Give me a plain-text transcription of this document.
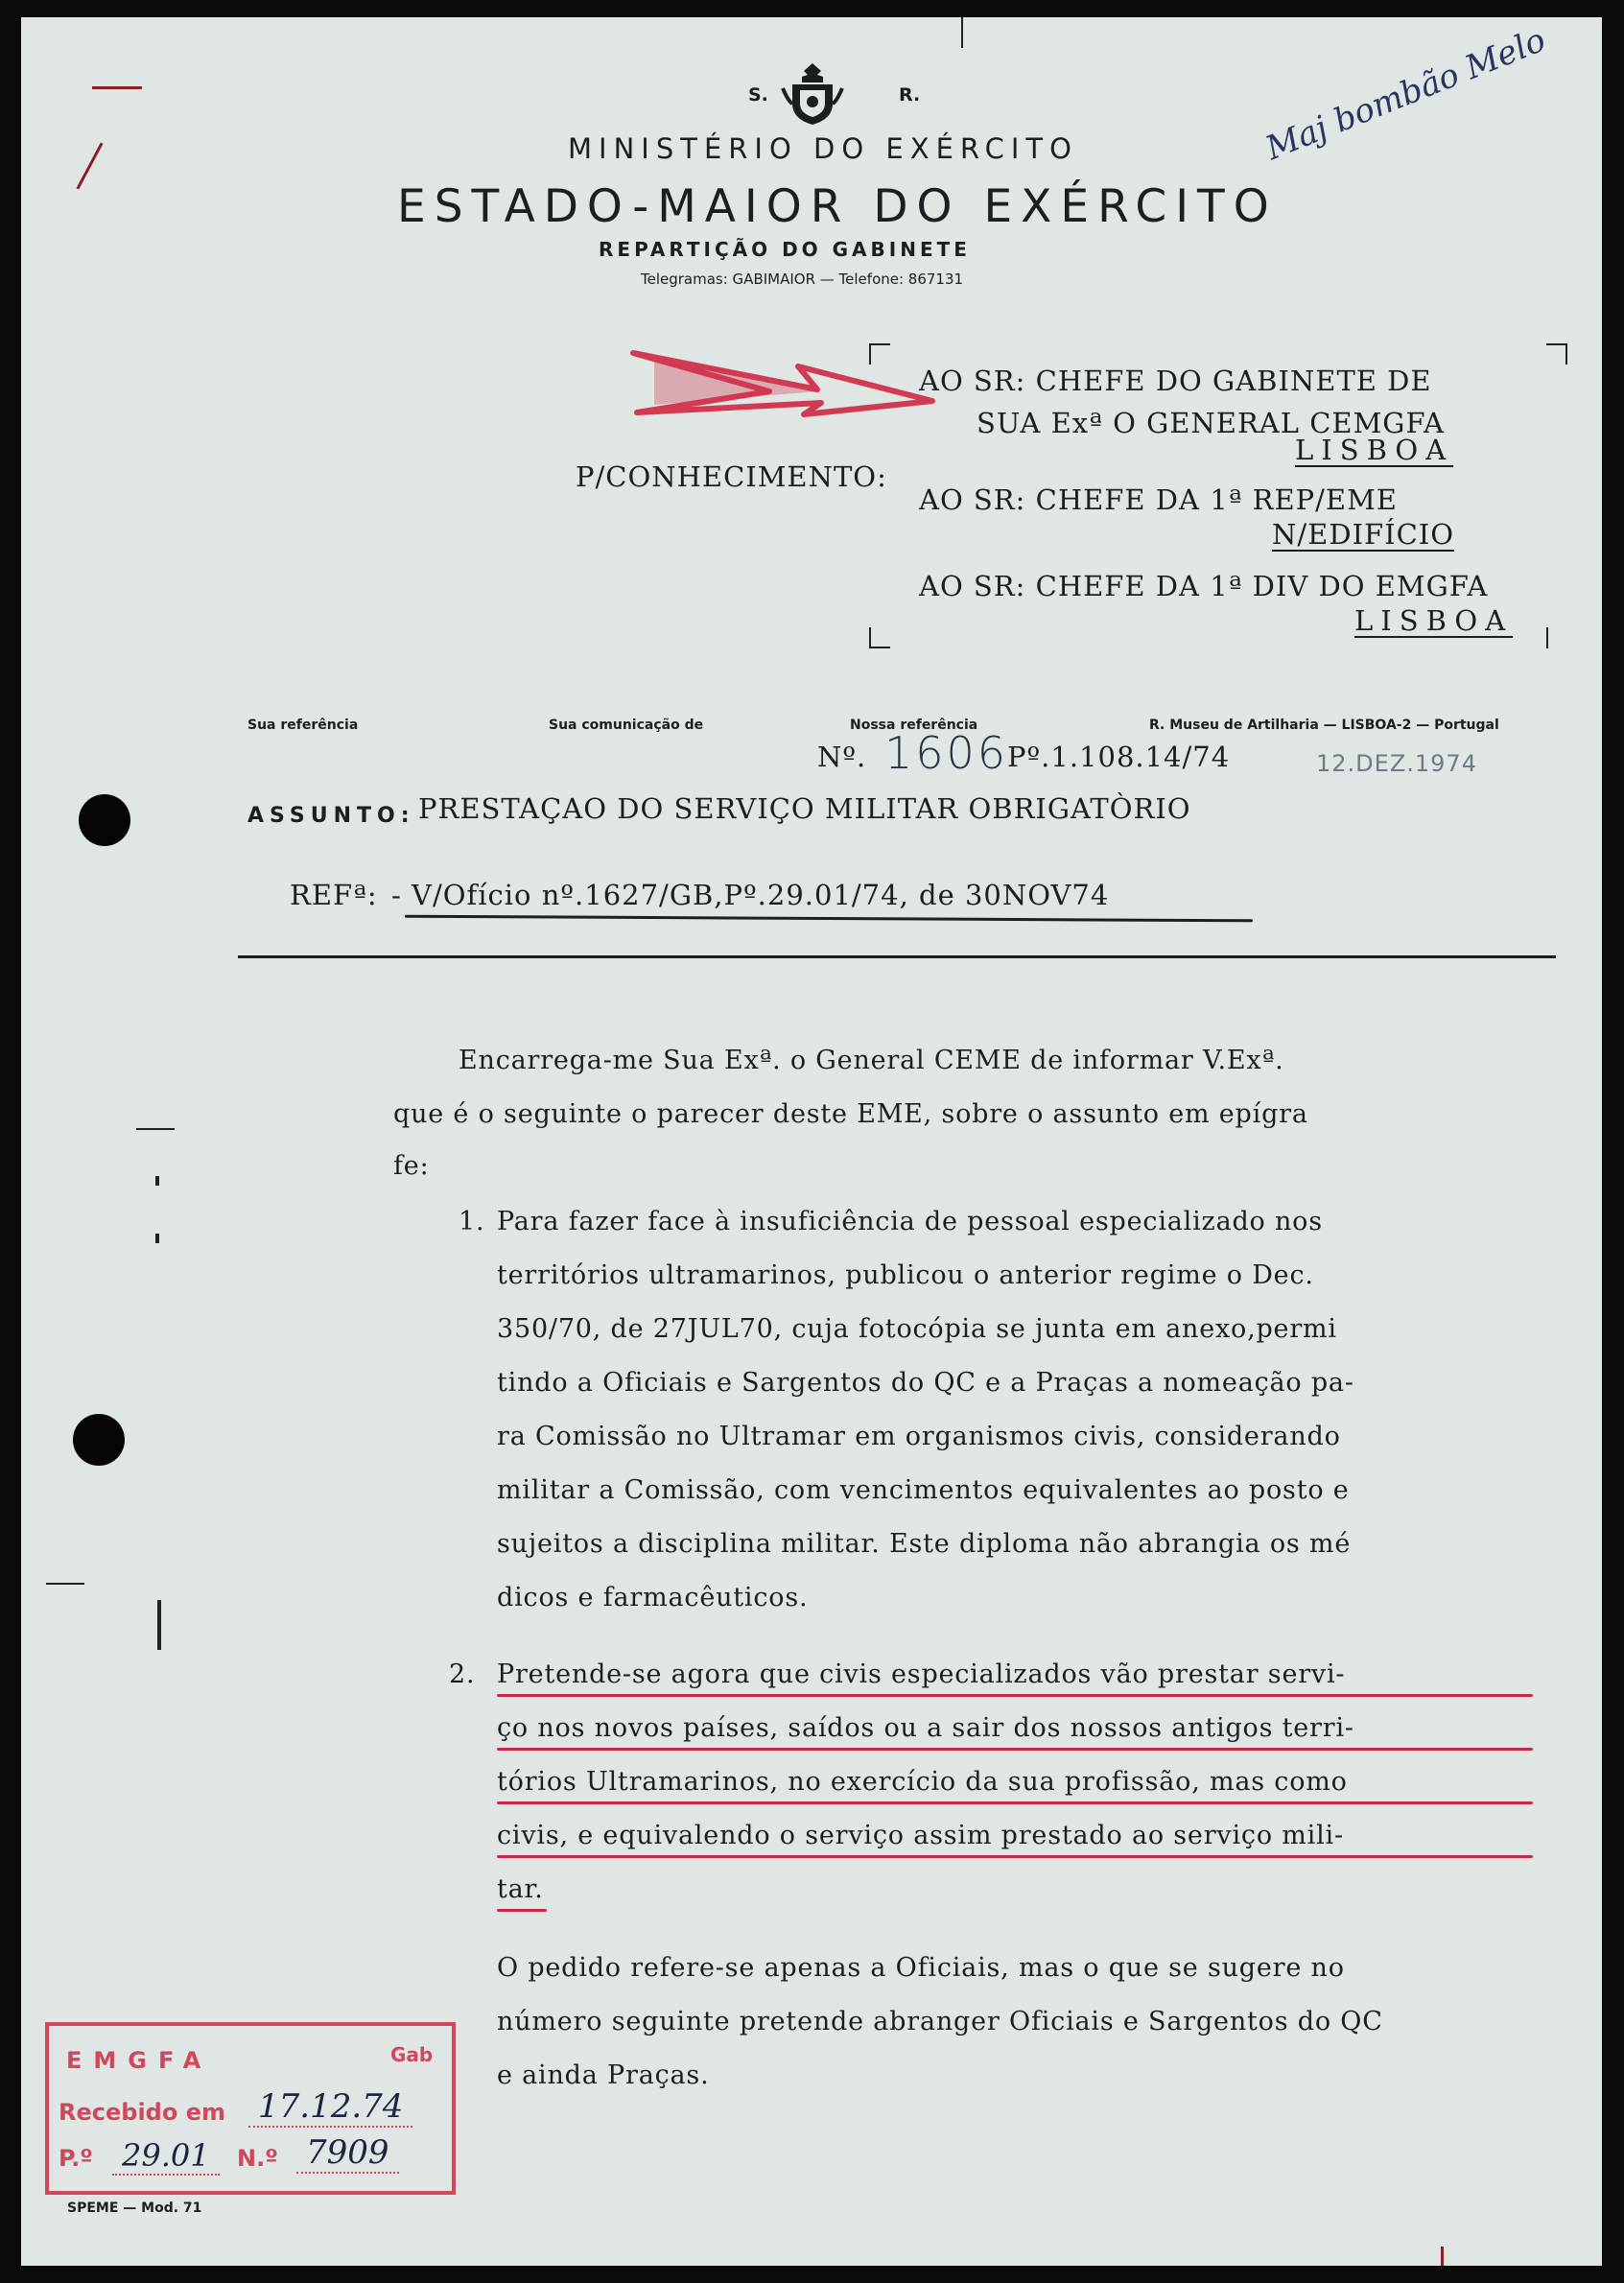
S.	R.
MINISTÉRIO DO EXÉRCITO
ESTADO-MAIOR DO EXÉRCITO
REPARTIÇÃO DO GABINETE
Telegramas: GABIMAIOR — Telefone: 867131
Maj bombão Melo
AO SR: CHEFE DO GABINETE DE
SUA Exª O GENERAL CEMGFA
LISBOA
P/CONHECIMENTO:
AO SR: CHEFE DA 1ª REP/EME
N/EDIFÍCIO
AO SR: CHEFE DA 1ª DIV DO EMGFA
LISBOA
Sua referência	Sua comunicação de	Nossa referência	R. Museu de Artilharia — LISBOA-2 — Portugal
Nº. 1606
Pº.1.108.14/74	12.DEZ.1974
ASSUNTO: PRESTAÇAO DO SERVIÇO MILITAR OBRIGATÒRIO
REFª: - V/Ofício nº.1627/GB,Pº.29.01/74, de 30NOV74
Encarrega-me Sua Exª. o General CEME de informar V.Exª.
que é o seguinte o parecer deste EME, sobre o assunto em epígra
fe:
1. Para fazer face à insuficiência de pessoal especializado nos
territórios ultramarinos, publicou o anterior regime o Dec.
350/70, de 27JUL70, cuja fotocópia se junta em anexo,permi
tindo a Oficiais e Sargentos do QC e a Praças a nomeação pa-
ra Comissão no Ultramar em organismos civis, considerando
militar a Comissão, com vencimentos equivalentes ao posto e
sujeitos a disciplina militar. Este diploma não abrangia os mé
dicos e farmacêuticos.
2. Pretende-se agora que civis especializados vão prestar servi-
ço nos novos países, saídos ou a sair dos nossos antigos terri-
tórios Ultramarinos, no exercício da sua profissão, mas como
civis, e equivalendo o serviço assim prestado ao serviço mili-
tar.
O pedido refere-se apenas a Oficiais, mas o que se sugere no
número seguinte pretende abranger Oficiais e Sargentos do QC
e ainda Praças.
EMGFA	Gab
Recebido em 17.12.74
P.º 29.01	N.º 7909
SPEME — Mod. 71
